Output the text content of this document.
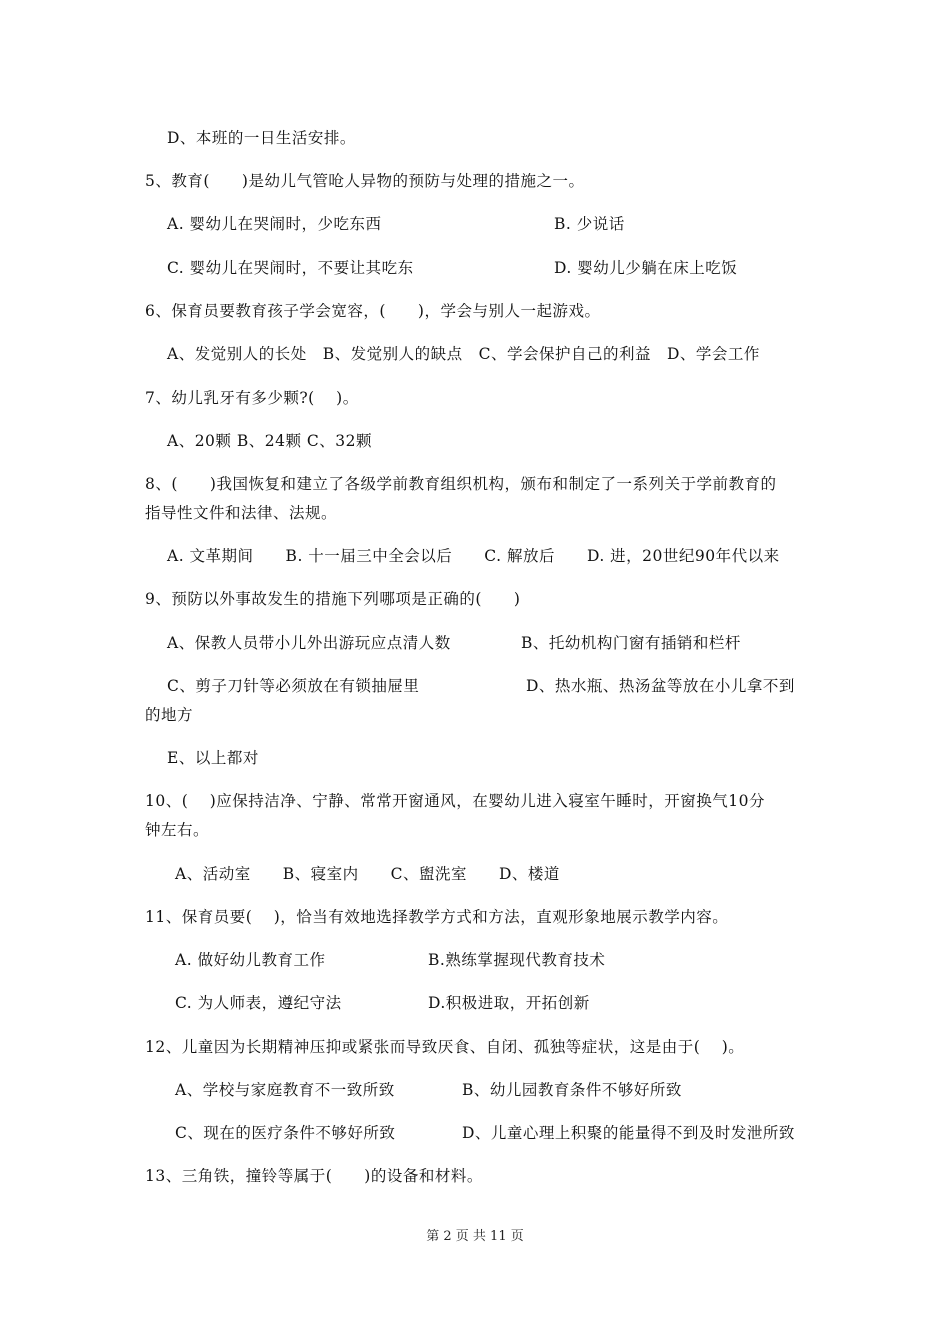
D、本班的一日生活安排。
5、教育(　　)是幼儿气管呛人异物的预防与处理的措施之一。
A. 婴幼儿在哭闹时，少吃东西	B. 少说话
C. 婴幼儿在哭闹时，不要让其吃东	D. 婴幼儿少躺在床上吃饭
6、保育员要教育孩子学会宽容，(　　)，学会与别人一起游戏。
A、发觉别人的长处　B、发觉别人的缺点　C、学会保护自己的利益　D、学会工作
7、幼儿乳牙有多少颗?(　 )。
A、20颗 B、24颗 C、32颗
8、(　　)我国恢复和建立了各级学前教育组织机构，颁布和制定了一系列关于学前教育的
指导性文件和法律、法规。
A. 文革期间　　B. 十一届三中全会以后　　C. 解放后　　D. 进，20世纪90年代以来
9、预防以外事故发生的措施下列哪项是正确的(　　)
A、保教人员带小儿外出游玩应点清人数	B、托幼机构门窗有插销和栏杆
C、剪子刀针等必须放在有锁抽屉里	D、热水瓶、热汤盆等放在小儿拿不到
的地方
E、以上都对
10、(　 )应保持洁净、宁静、常常开窗通风，在婴幼儿进入寝室午睡时，开窗换气10分
钟左右。
A、活动室　　B、寝室内　　C、盥洗室　　D、楼道
11、保育员要(　 )，恰当有效地选择教学方式和方法，直观形象地展示教学内容。
A. 做好幼儿教育工作	B.熟练掌握现代教育技术
C. 为人师表，遵纪守法	D.积极进取，开拓创新
12、儿童因为长期精神压抑或紧张而导致厌食、自闭、孤独等症状，这是由于(　 )。
A、学校与家庭教育不一致所致	B、幼儿园教育条件不够好所致
C、现在的医疗条件不够好所致	D、儿童心理上积聚的能量得不到及时发泄所致
13、三角铁，撞铃等属于(　　)的设备和材料。
第 2 页 共 11 页
